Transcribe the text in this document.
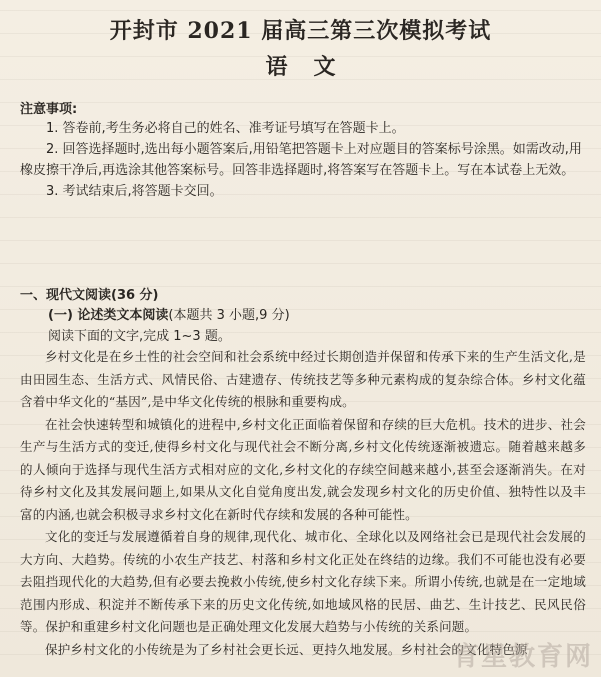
开封市 2021 届高三第三次模拟考试
语文
注意事项:

1. 答卷前,考生务必将自己的姓名、准考证号填写在答题卡上。

2. 回答选择题时,选出每小题答案后,用铅笔把答题卡上对应题目的答案标号涂黑。如需改动,用橡皮擦干净后,再选涂其他答案标号。回答非选择题时,将答案写在答题卡上。写在本试卷上无效。

3. 考试结束后,将答题卡交回。

一、现代文阅读(36 分)
(一) 论述类文本阅读(本题共 3 小题,9 分)
阅读下面的文字,完成 1~3 题。

乡村文化是在乡土性的社会空间和社会系统中经过长期创造并保留和传承下来的生产生活文化,是由田园生态、生活方式、风情民俗、古建遗存、传统技艺等多种元素构成的复杂综合体。乡村文化蕴含着中华文化的“基因”,是中华文化传统的根脉和重要构成。

在社会快速转型和城镇化的进程中,乡村文化正面临着保留和存续的巨大危机。技术的进步、社会生产与生活方式的变迁,使得乡村文化与现代社会不断分离,乡村文化传统逐渐被遗忘。随着越来越多的人倾向于选择与现代生活方式相对应的文化,乡村文化的存续空间越来越小,甚至会逐渐消失。在对待乡村文化及其发展问题上,如果从文化自觉角度出发,就会发现乡村文化的历史价值、独特性以及丰富的内涵,也就会积极寻求乡村文化在新时代存续和发展的各种可能性。

文化的变迁与发展遵循着自身的规律,现代化、城市化、全球化以及网络社会已是现代社会发展的大方向、大趋势。传统的小农生产技艺、村落和乡村文化正处在终结的边缘。我们不可能也没有必要去阻挡现代化的大趋势,但有必要去挽救小传统,使乡村文化存续下来。所谓小传统,也就是在一定地域范围内形成、积淀并不断传承下来的历史文化传统,如地域风格的民居、曲艺、生计技艺、民风民俗等。保护和重建乡村文化问题也是正确处理文化发展大趋势与小传统的关系问题。

保护乡村文化的小传统是为了乡村社会更长远、更持久地发展。乡村社会的文化特色源

育星教育网
